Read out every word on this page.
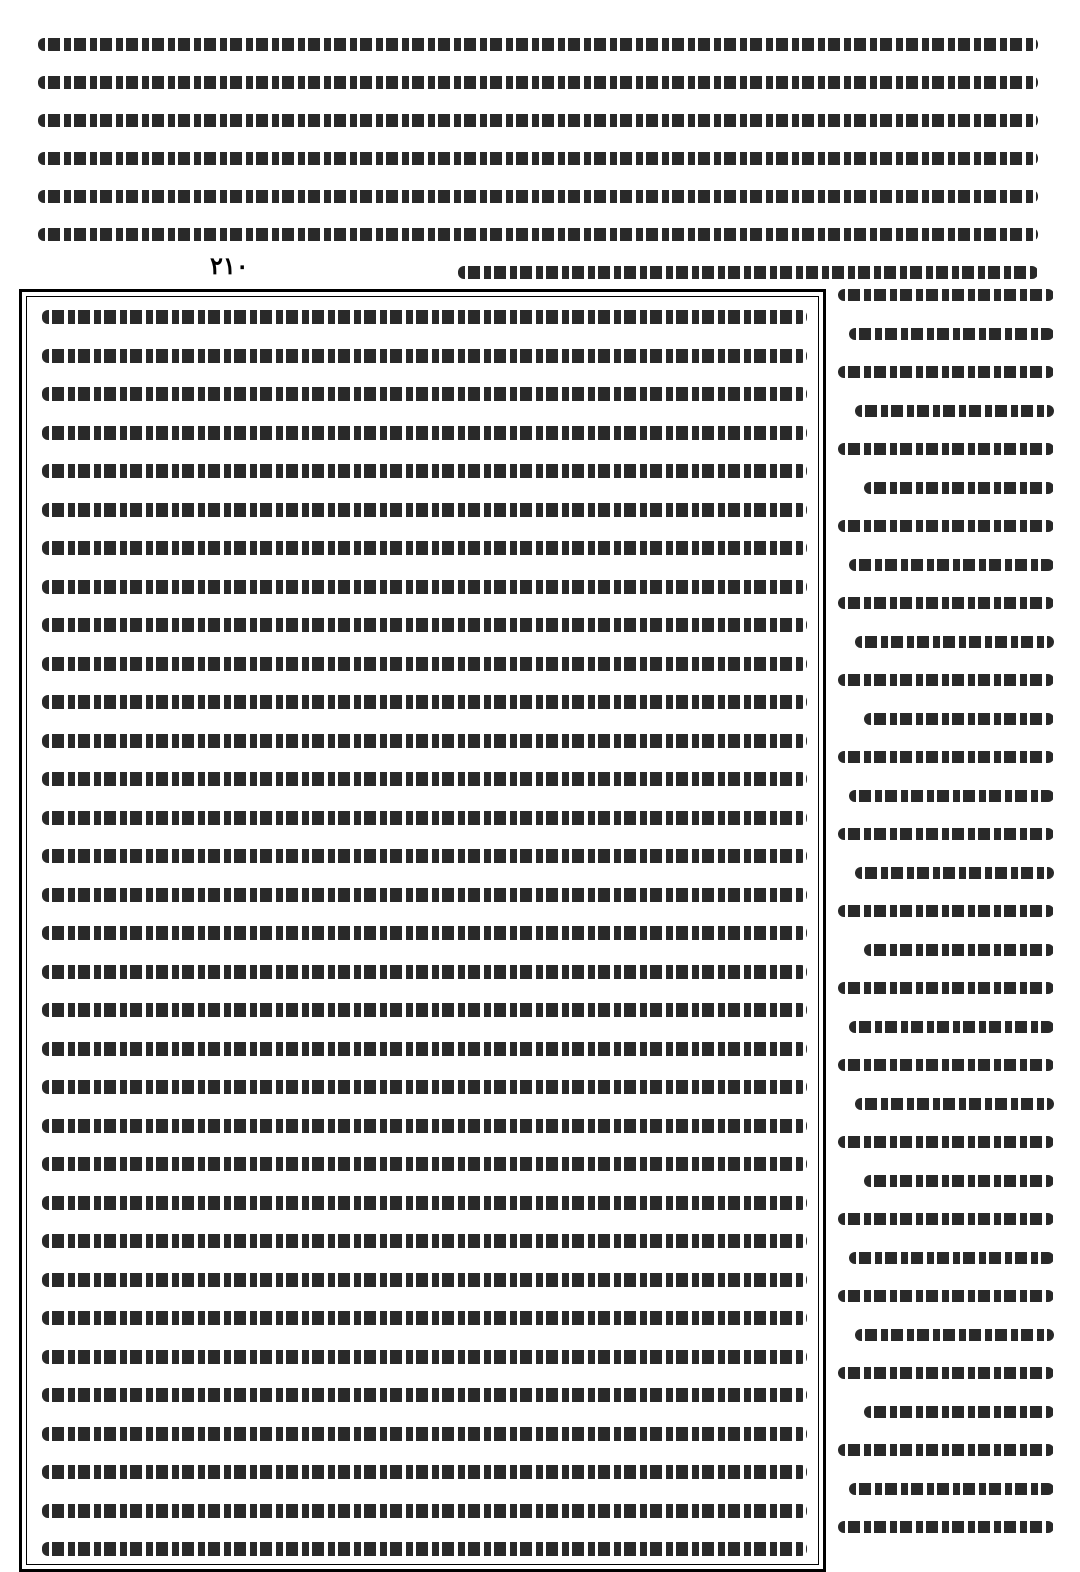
٢١٠
